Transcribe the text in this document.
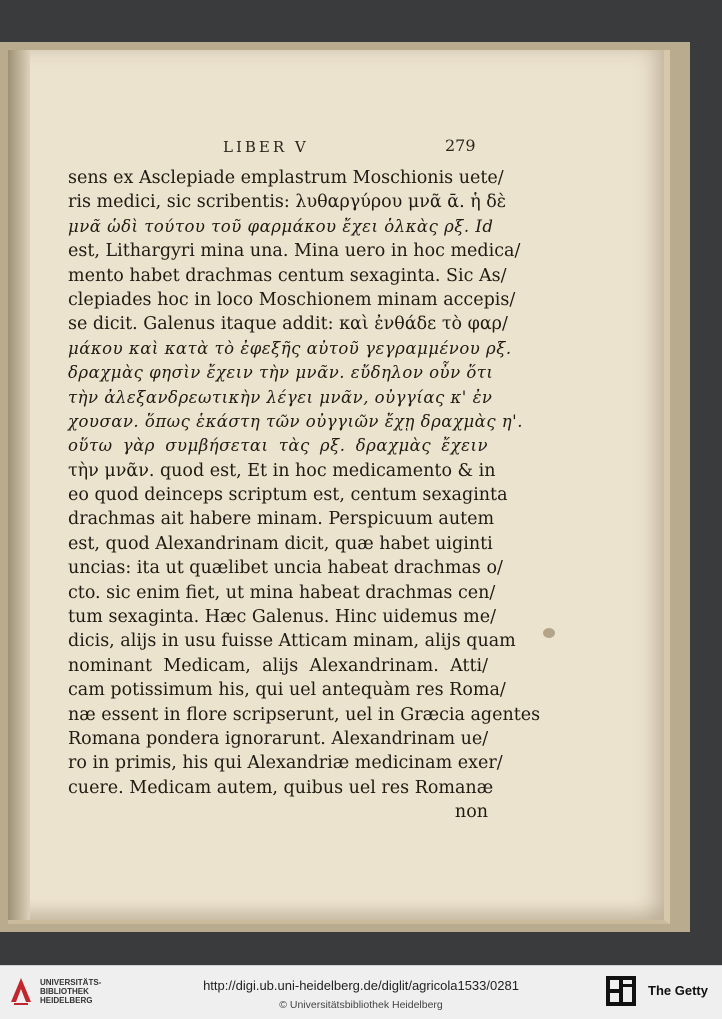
LIBER V	279
sens ex Asclepiade emplastrum Moschionis uete/
ris medici, sic scribentis: λυθαργύρου μνᾶ ᾱ. ἡ δὲ
μνᾶ ὡδὶ τούτου τοῦ φαρμάκου ἔχει ὁλκὰς ρξ. Id
est, Lithargyri mina una. Mina uero in hoc medica/
mento habet drachmas centum sexaginta. Sic As/
clepiades hoc in loco Moschionem minam accepis/
se dicit. Galenus itaque addit: καὶ ἐνθάδε τὸ φαρ/
μάκου καὶ κατὰ τὸ ἐφεξῆς αὐτοῦ γεγραμμένου ρξ.
δραχμὰς φησὶν ἔχειν τὴν μνᾶν. εὔδηλον οὖν ὅτι
τὴν ἀλεξανδρεωτικὴν λέγει μνᾶν, οὐγγίας κ' ἐν
χουσαν. ὅπως ἑκάστη τῶν οὐγγιῶν ἔχῃ δραχμὰς η'.
οὕτω γὰρ συμβήσεται τὰς ρξ. δραχμὰς ἔχειν
τὴν μνᾶν. quod est, Et in hoc medicamento & in
eo quod deinceps scriptum est, centum sexaginta
drachmas ait habere minam. Perspicuum autem
est, quod Alexandrinam dicit, quæ habet uiginti
uncias: ita ut quælibet uncia habeat drachmas o/
cto. sic enim fiet, ut mina habeat drachmas cen/
tum sexaginta. Hæc Galenus. Hinc uidemus me/
dicis, alijs in usu fuisse Atticam minam, alijs quam
nominant Medicam, alijs Alexandrinam. Atti/
cam potissimum his, qui uel antequàm res Roma/
næ essent in flore scripserunt, uel in Græcia agentes
Romana pondera ignorarunt. Alexandrinam ue/
ro in primis, his qui Alexandriæ medicinam exer/
cuere. Medicam autem, quibus uel res Romanæ
non
UNIVERSITÄTS-
BIBLIOTHEK
HEIDELBERG
http://digi.ub.uni-heidelberg.de/diglit/agricola1533/0281
© Universitätsbibliothek Heidelberg
The Getty
